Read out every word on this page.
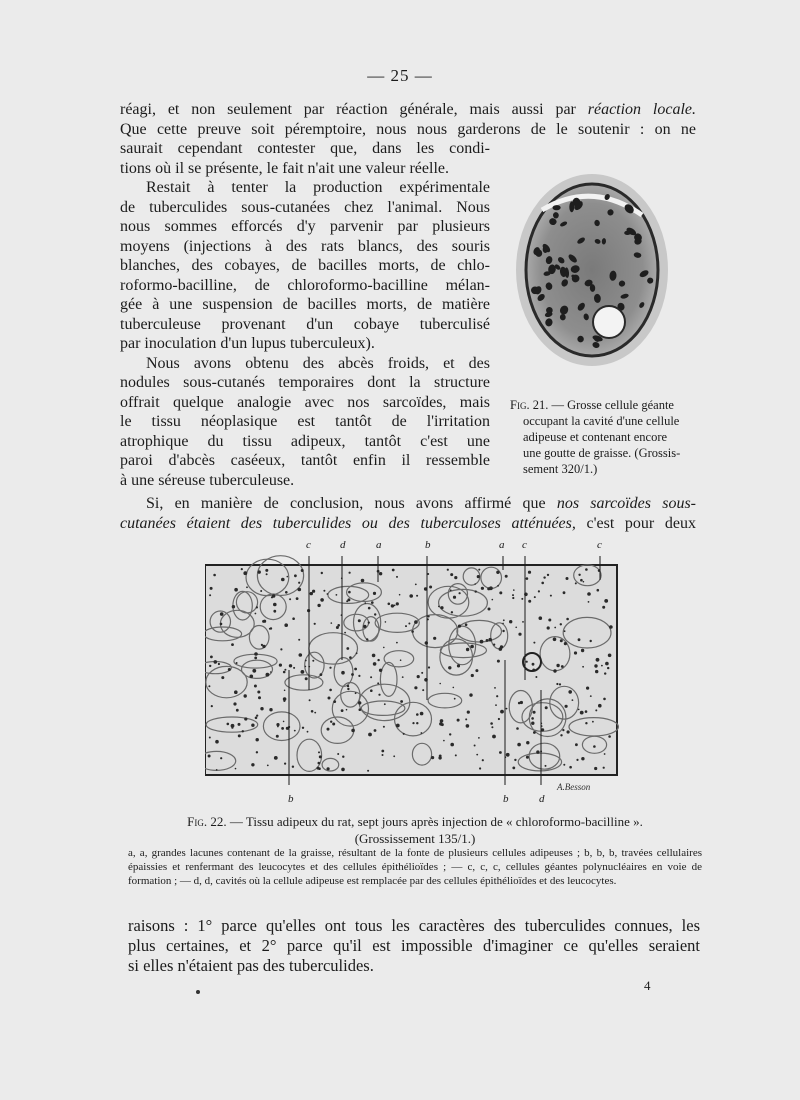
— 25 —
réagi, et non seulement par réaction générale, mais aussi par réaction locale.
Que cette preuve soit péremptoire, nous nous garderons de le soutenir : on ne
saurait cependant contester que, dans les condi-
tions où il se présente, le fait n'ait une valeur réelle.
Restait à tenter la production expérimentale
de tuberculides sous-cutanées chez l'animal. Nous
nous sommes efforcés d'y parvenir par plusieurs
moyens (injections à des rats blancs, des souris
blanches, des cobayes, de bacilles morts, de chlo-
roformo-bacilline, de chloroformo-bacilline mélan-
gée à une suspension de bacilles morts, de matière
tuberculeuse provenant d'un cobaye tuberculisé
par inoculation d'un lupus tuberculeux).
Nous avons obtenu des abcès froids, et des
nodules sous-cutanés temporaires dont la structure
offrait quelque analogie avec nos sarcoïdes, mais
le tissu néoplasique est tantôt de l'irritation
atrophique du tissu adipeux, tantôt c'est une
paroi d'abcès caséeux, tantôt enfin il ressemble
à une séreuse tuberculeuse.
Si, en manière de conclusion, nous avons affirmé que nos sarcoïdes sous-
cutanées étaient des tuberculides ou des tuberculoses atténuées, c'est pour deux
Fig. 21. — Grosse cellule géante
occupant la cavité d'une cellule
adipeuse et contenant encore
une goutte de graisse. (Grossis-
sement 320/1.)
A.Besson
c	d	a	b	a c	c
b	b	d
Fig. 22. — Tissu adipeux du rat, sept jours après injection de « chloroformo-bacilline ».
(Grossissement 135/1.)
a, a, grandes lacunes contenant de la graisse, résultant de la fonte de plusieurs cellules adipeuses ; b, b, b, travées cellulaires épaissies et renfermant des leucocytes et des cellules épithélioïdes ; — c, c, c, cellules géantes polynucléaires en voie de formation ; — d, d, cavités où la cellule adipeuse est remplacée par des cellules épithélioïdes et des leucocytes.
raisons : 1° parce qu'elles ont tous les caractères des tuberculides connues, les
plus certaines, et 2° parce qu'il est impossible d'imaginer ce qu'elles seraient
si elles n'étaient pas des tuberculides.
4
